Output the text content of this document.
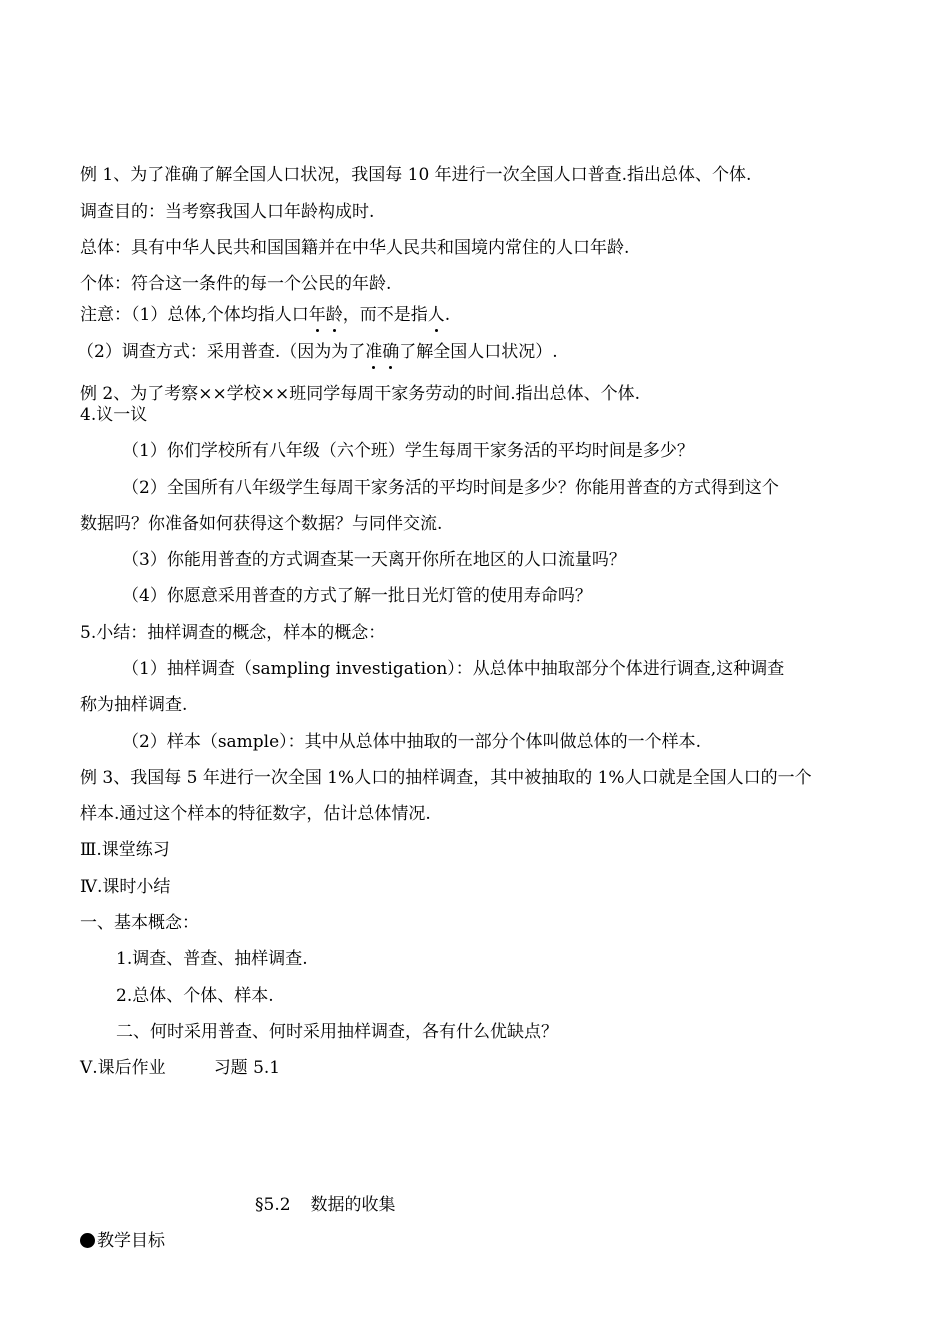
例 1、为了准确了解全国人口状况，我国每 10 年进行一次全国人口普查.指出总体、个体.
调查目的：当考察我国人口年龄构成时.
总体：具有中华人民共和国国籍并在中华人民共和国境内常住的人口年龄.
个体：符合这一条件的每一个公民的年龄.
注意：（1）总体,个体均指人口年龄，而不是指人.
（2）调查方式：采用普查.（因为为了准确了解全国人口状况）.
例 2、为了考察××学校××班同学每周干家务劳动的时间.指出总体、个体.
4.议一议
（1）你们学校所有八年级（六个班）学生每周干家务活的平均时间是多少？
（2）全国所有八年级学生每周干家务活的平均时间是多少？你能用普查的方式得到这个
数据吗？你准备如何获得这个数据？与同伴交流.
（3）你能用普查的方式调查某一天离开你所在地区的人口流量吗？
（4）你愿意采用普查的方式了解一批日光灯管的使用寿命吗？
5.小结：抽样调查的概念，样本的概念：
（1）抽样调查（sampling investigation）：从总体中抽取部分个体进行调查,这种调查
称为抽样调查.
（2）样本（sample）：其中从总体中抽取的一部分个体叫做总体的一个样本.
例 3、我国每 5 年进行一次全国 1%人口的抽样调查，其中被抽取的 1%人口就是全国人口的一个
样本.通过这个样本的特征数字，估计总体情况.
Ⅲ.课堂练习
Ⅳ.课时小结
一、基本概念：
1.调查、普查、抽样调查.
2.总体、个体、样本.
二、何时采用普查、何时采用抽样调查，各有什么优缺点？
Ⅴ.课后作业	习题 5.1
§5.2 数据的收集
教学目标
